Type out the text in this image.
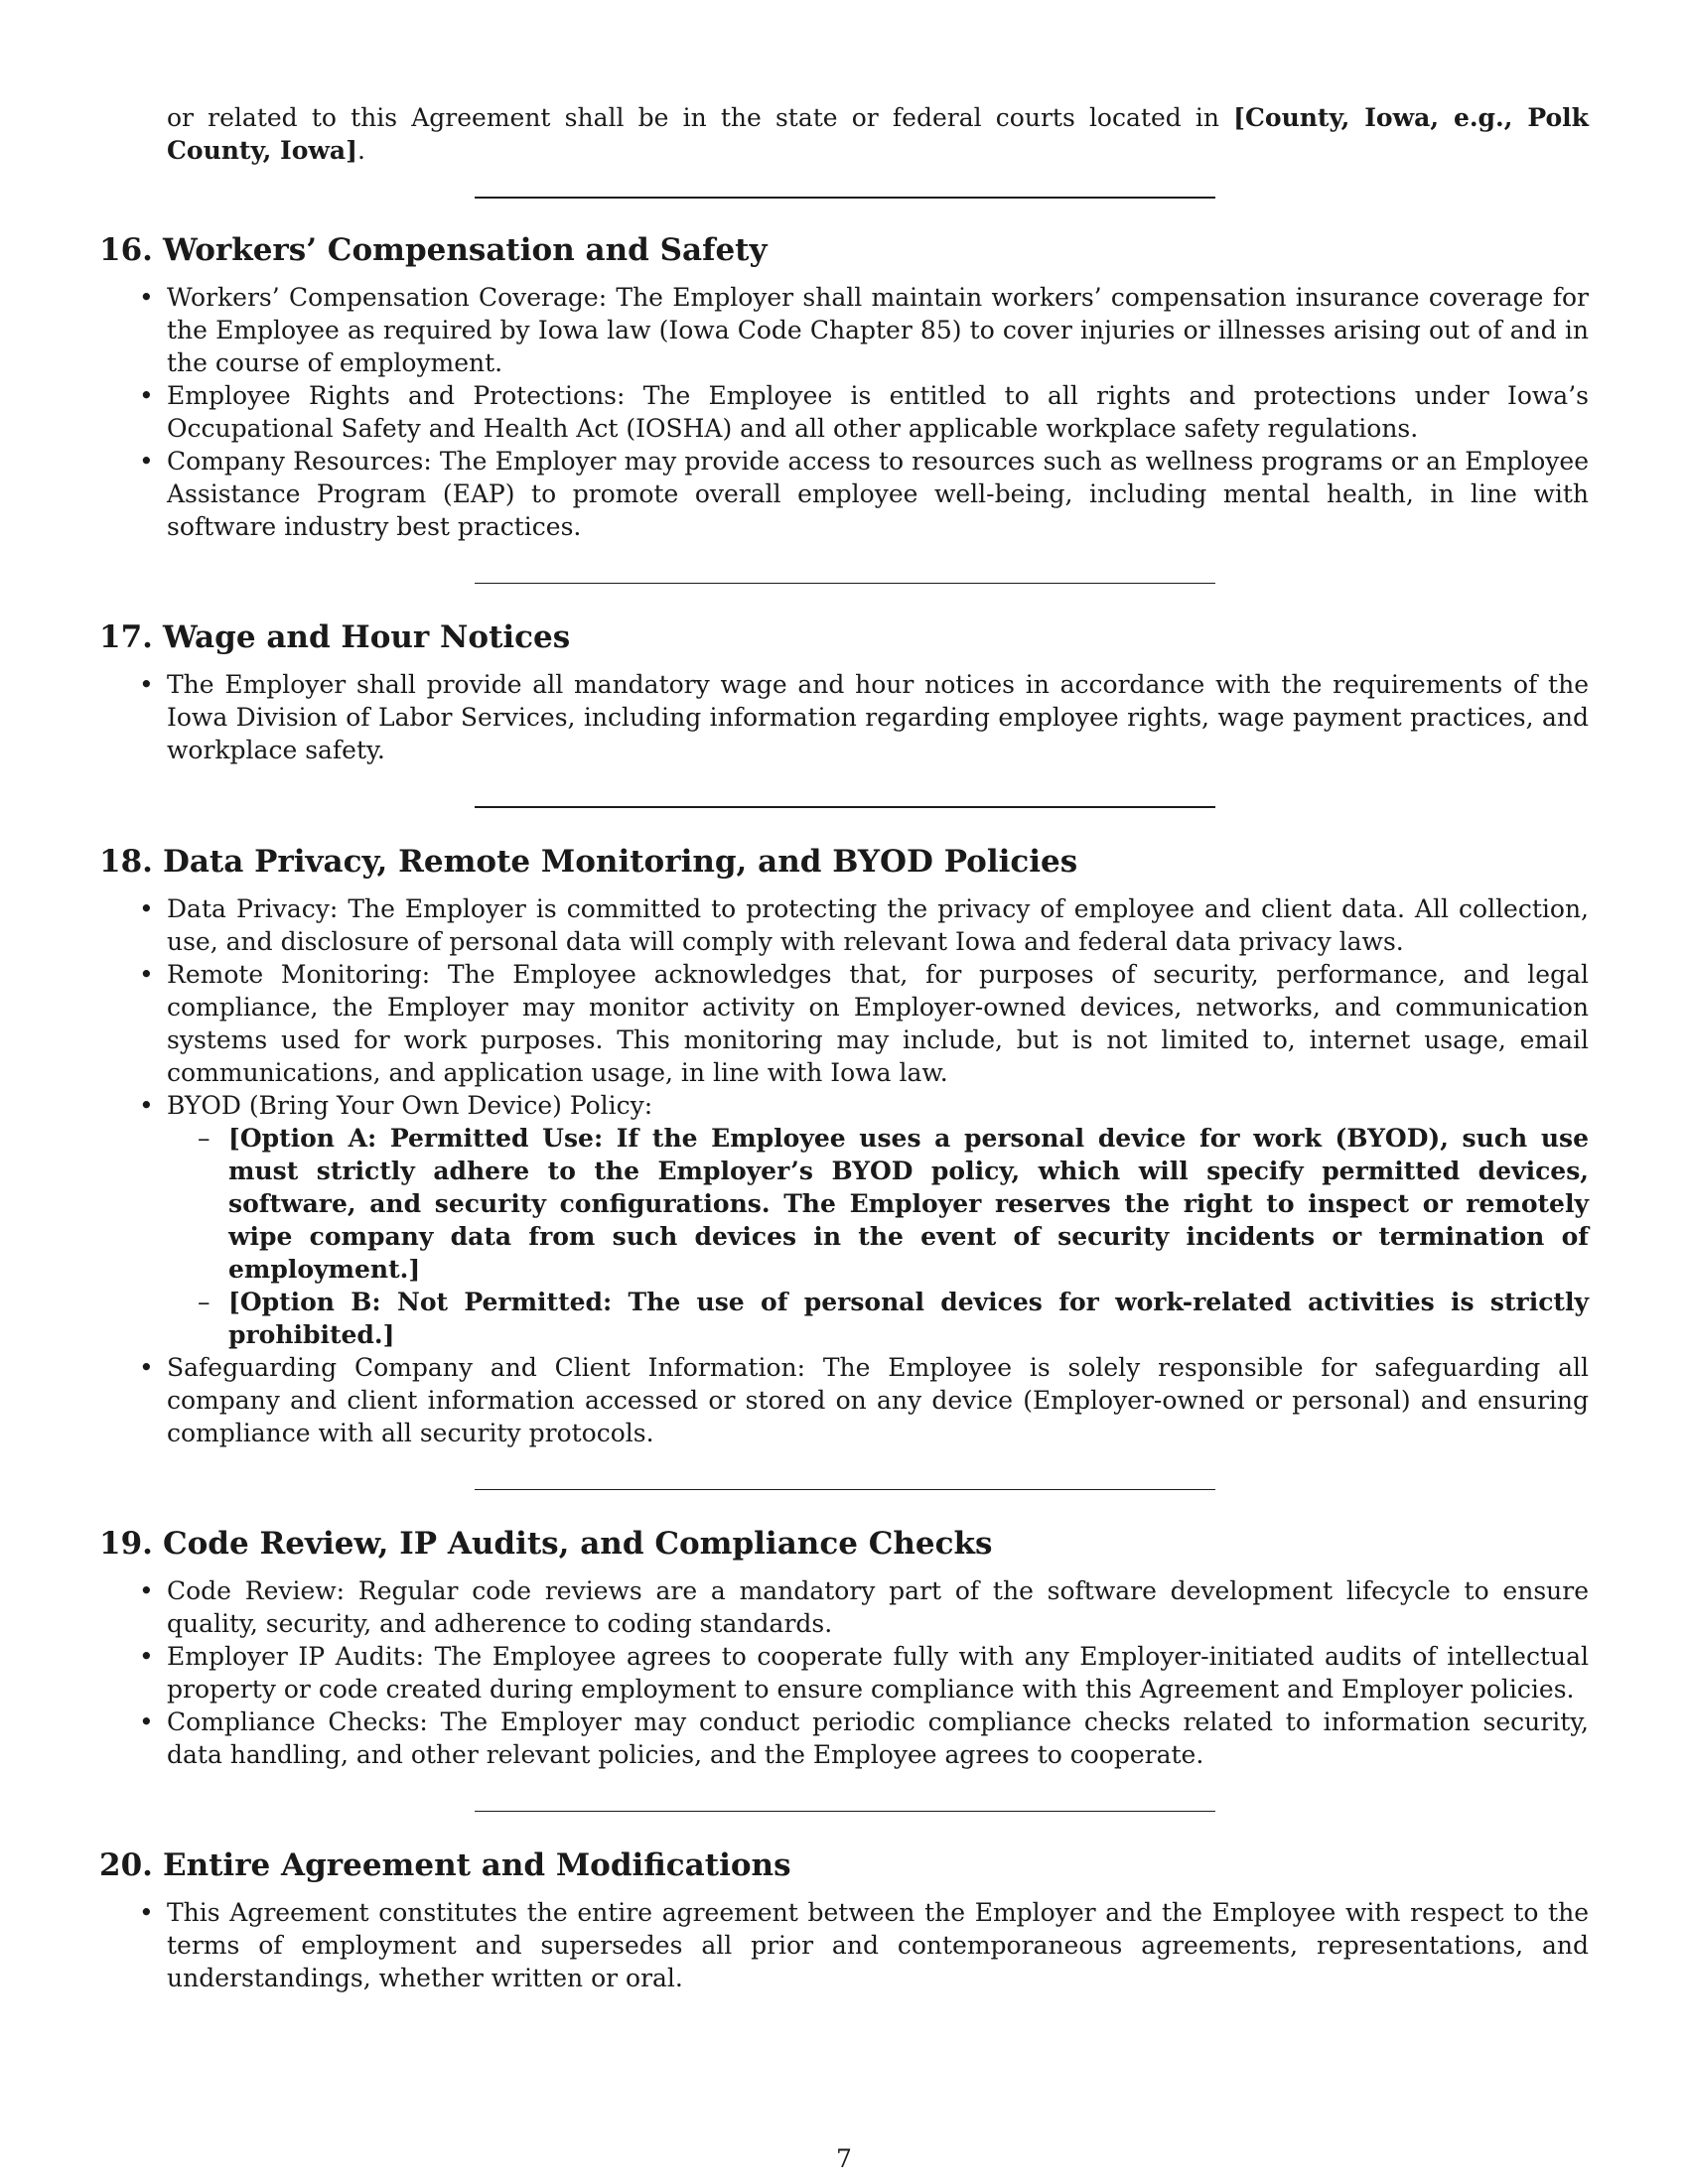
or related to this Agreement shall be in the state or federal courts located in [County, Iowa, e.g., Polk County, Iowa].

16. Workers’ Compensation and Safety
• Workers’ Compensation Coverage: The Employer shall maintain workers’ compensation insurance coverage for the Employee as required by Iowa law (Iowa Code Chapter 85) to cover injuries or illnesses arising out of and in the course of employment.
• Employee Rights and Protections: The Employee is entitled to all rights and protections under Iowa’s Occupational Safety and Health Act (IOSHA) and all other applicable workplace safety regulations.
• Company Resources: The Employer may provide access to resources such as wellness programs or an Employee Assistance Program (EAP) to promote overall employee well-being, including mental health, in line with software industry best practices.
17. Wage and Hour Notices
• The Employer shall provide all mandatory wage and hour notices in accordance with the requirements of the Iowa Division of Labor Services, including information regarding employee rights, wage payment practices, and workplace safety.
18. Data Privacy, Remote Monitoring, and BYOD Policies
• Data Privacy: The Employer is committed to protecting the privacy of employee and client data. All collection, use, and disclosure of personal data will comply with relevant Iowa and federal data privacy laws.
• Remote Monitoring: The Employee acknowledges that, for purposes of security, performance, and legal compliance, the Employer may monitor activity on Employer-owned devices, networks, and communication systems used for work purposes. This monitoring may include, but is not limited to, internet usage, email communications, and application usage, in line with Iowa law.
• BYOD (Bring Your Own Device) Policy:
– [Option A: Permitted Use: If the Employee uses a personal device for work (BYOD), such use must strictly adhere to the Employer’s BYOD policy, which will specify permitted devices, software, and security configurations. The Employer reserves the right to inspect or remotely wipe company data from such devices in the event of security incidents or termination of employment.]
– [Option B: Not Permitted: The use of personal devices for work-related activities is strictly prohibited.]
• Safeguarding Company and Client Information: The Employee is solely responsible for safeguarding all company and client information accessed or stored on any device (Employer-owned or personal) and ensuring compliance with all security protocols.
19. Code Review, IP Audits, and Compliance Checks
• Code Review: Regular code reviews are a mandatory part of the software development lifecycle to ensure quality, security, and adherence to coding standards.
• Employer IP Audits: The Employee agrees to cooperate fully with any Employer-initiated audits of intellectual property or code created during employment to ensure compliance with this Agreement and Employer policies.
• Compliance Checks: The Employer may conduct periodic compliance checks related to information security, data handling, and other relevant policies, and the Employee agrees to cooperate.
20. Entire Agreement and Modifications
• This Agreement constitutes the entire agreement between the Employer and the Employee with respect to the terms of employment and supersedes all prior and contemporaneous agreements, representations, and understandings, whether written or oral.
7
